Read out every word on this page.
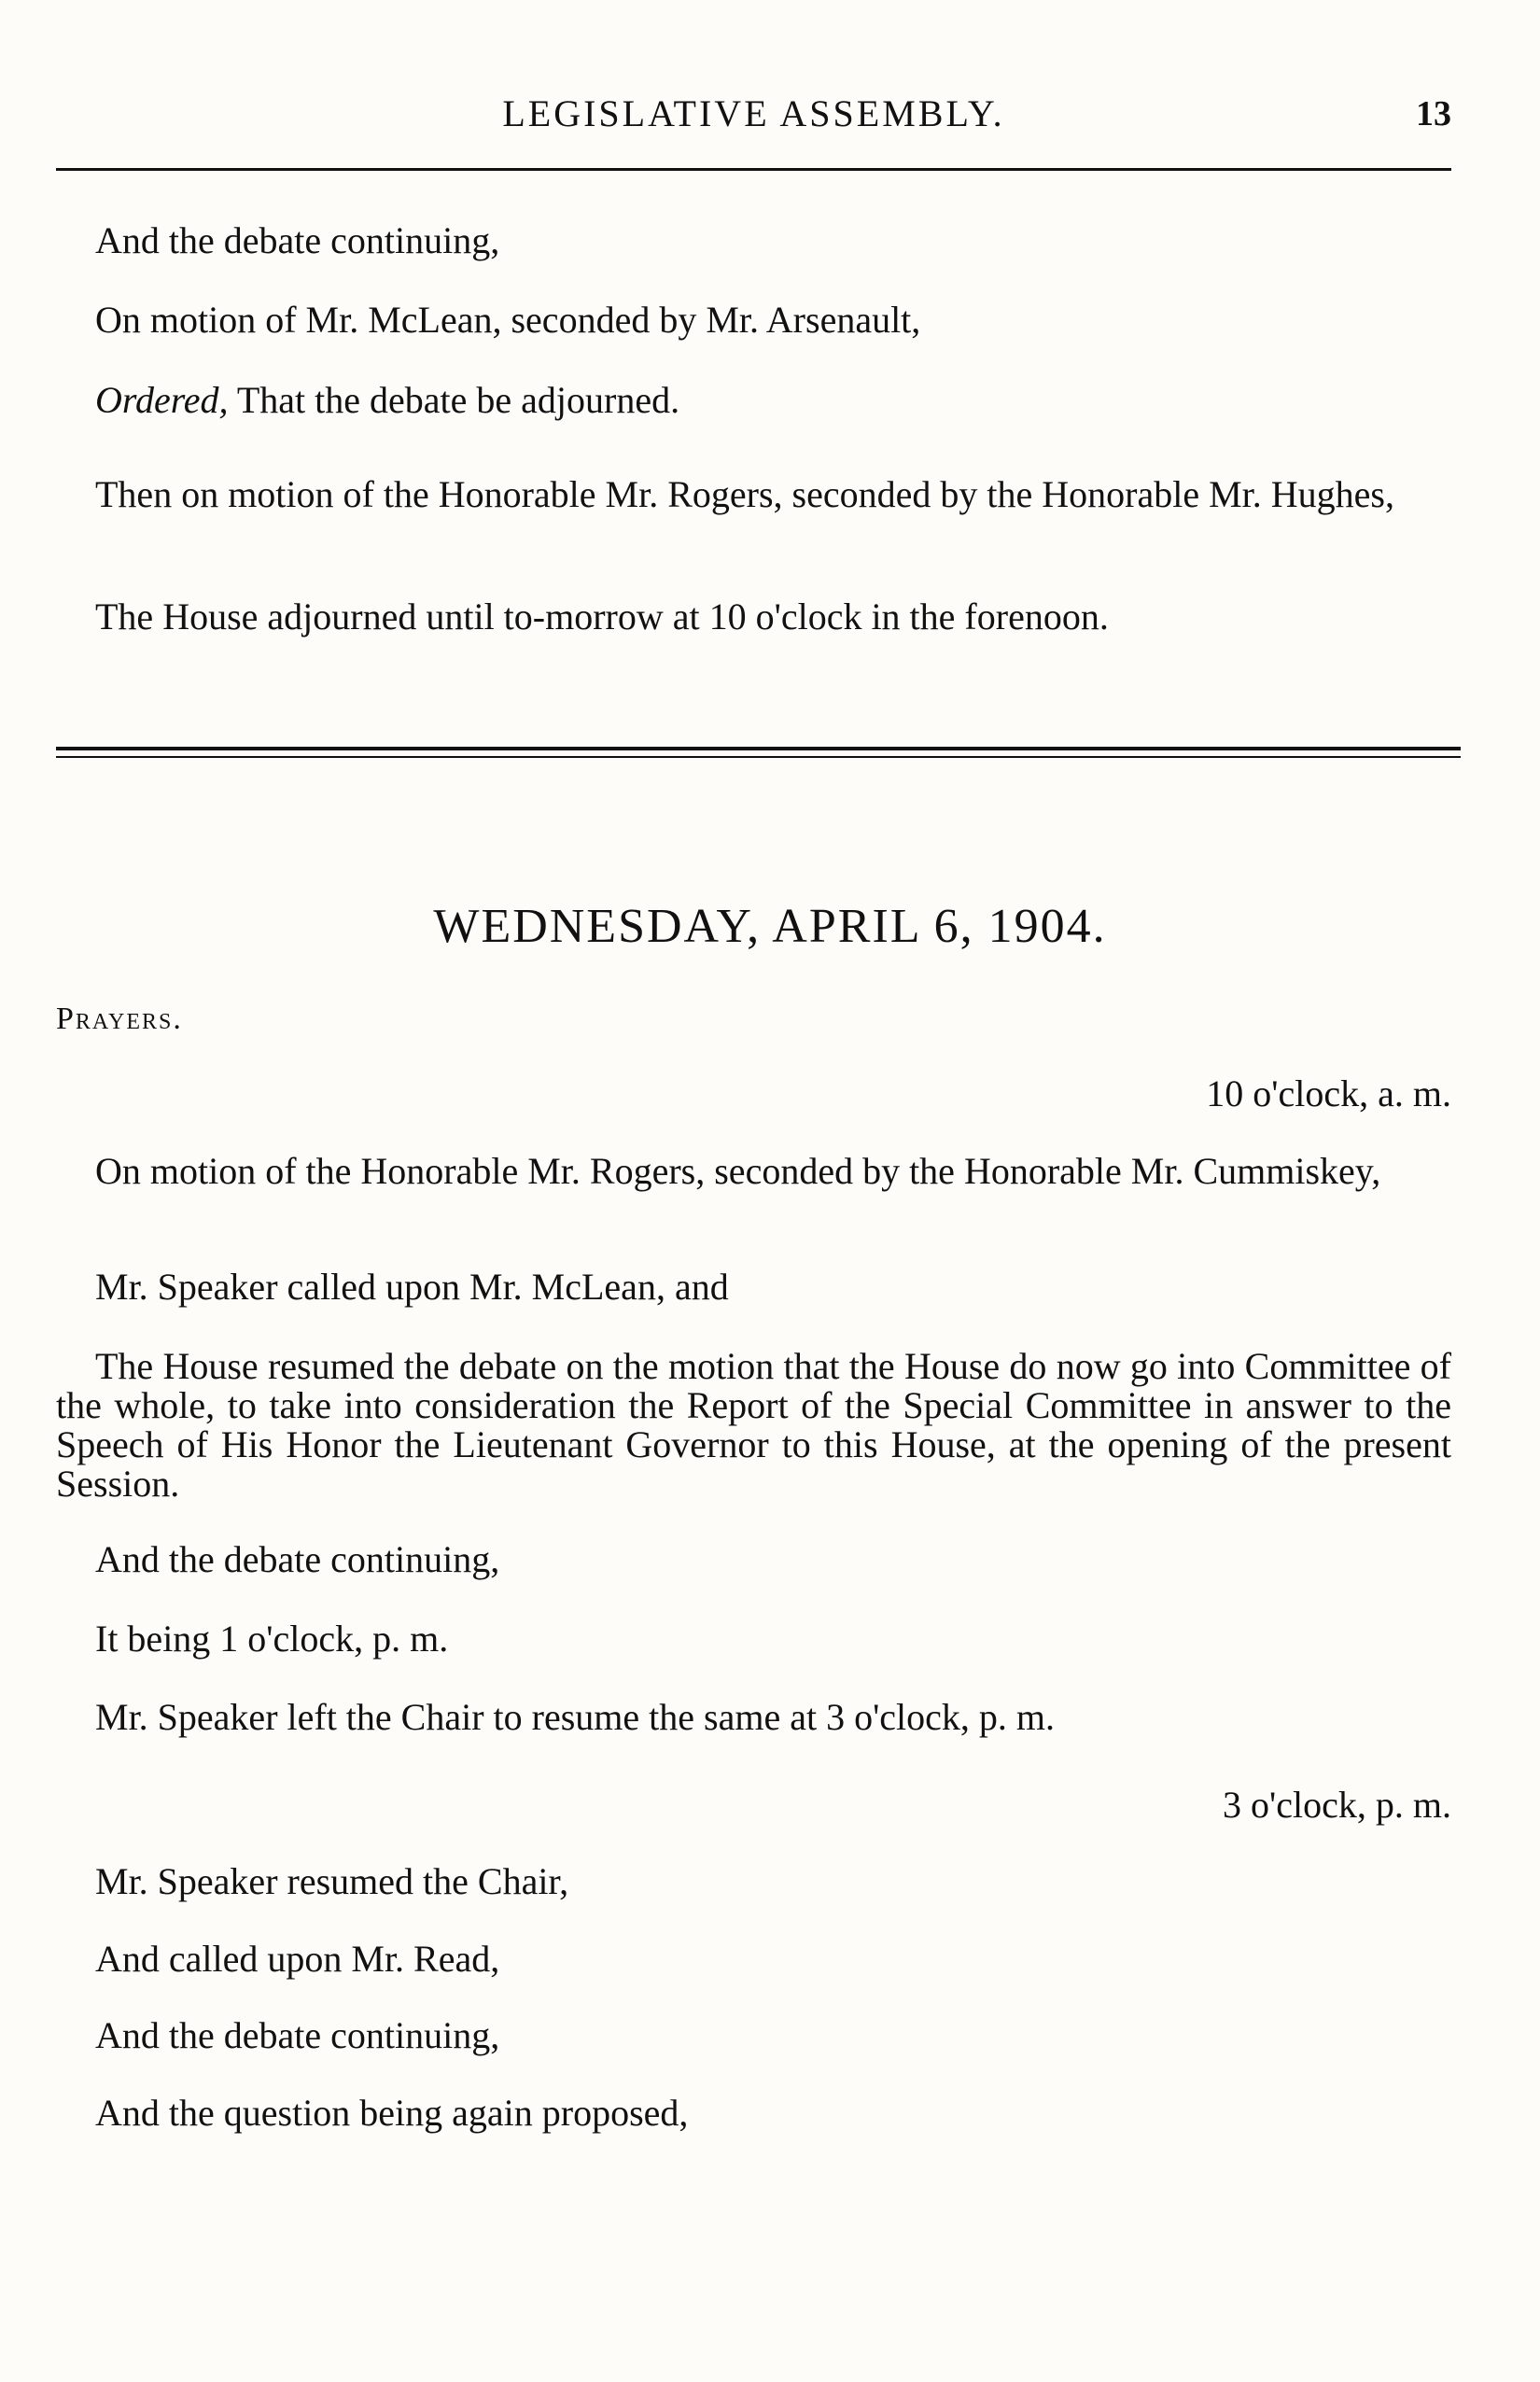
LEGISLATIVE ASSEMBLY.	13
And the debate continuing,
On motion of Mr. McLean, seconded by Mr. Arsenault,
Ordered, That the debate be adjourned.
Then on motion of the Honorable Mr. Rogers, seconded by the Honorable Mr. Hughes,
The House adjourned until to-morrow at 10 o'clock in the forenoon.
WEDNESDAY, APRIL 6, 1904.
Prayers.
10 o'clock, a. m.
On motion of the Honorable Mr. Rogers, seconded by the Honorable Mr. Cummiskey,
Mr. Speaker called upon Mr. McLean, and
The House resumed the debate on the motion that the House do now go into Committee of the whole, to take into consideration the Report of the Special Committee in answer to the Speech of His Honor the Lieutenant Governor to this House, at the opening of the present Session.
And the debate continuing,
It being 1 o'clock, p. m.
Mr. Speaker left the Chair to resume the same at 3 o'clock, p. m.
3 o'clock, p. m.
Mr. Speaker resumed the Chair,
And called upon Mr. Read,
And the debate continuing,
And the question being again proposed,
